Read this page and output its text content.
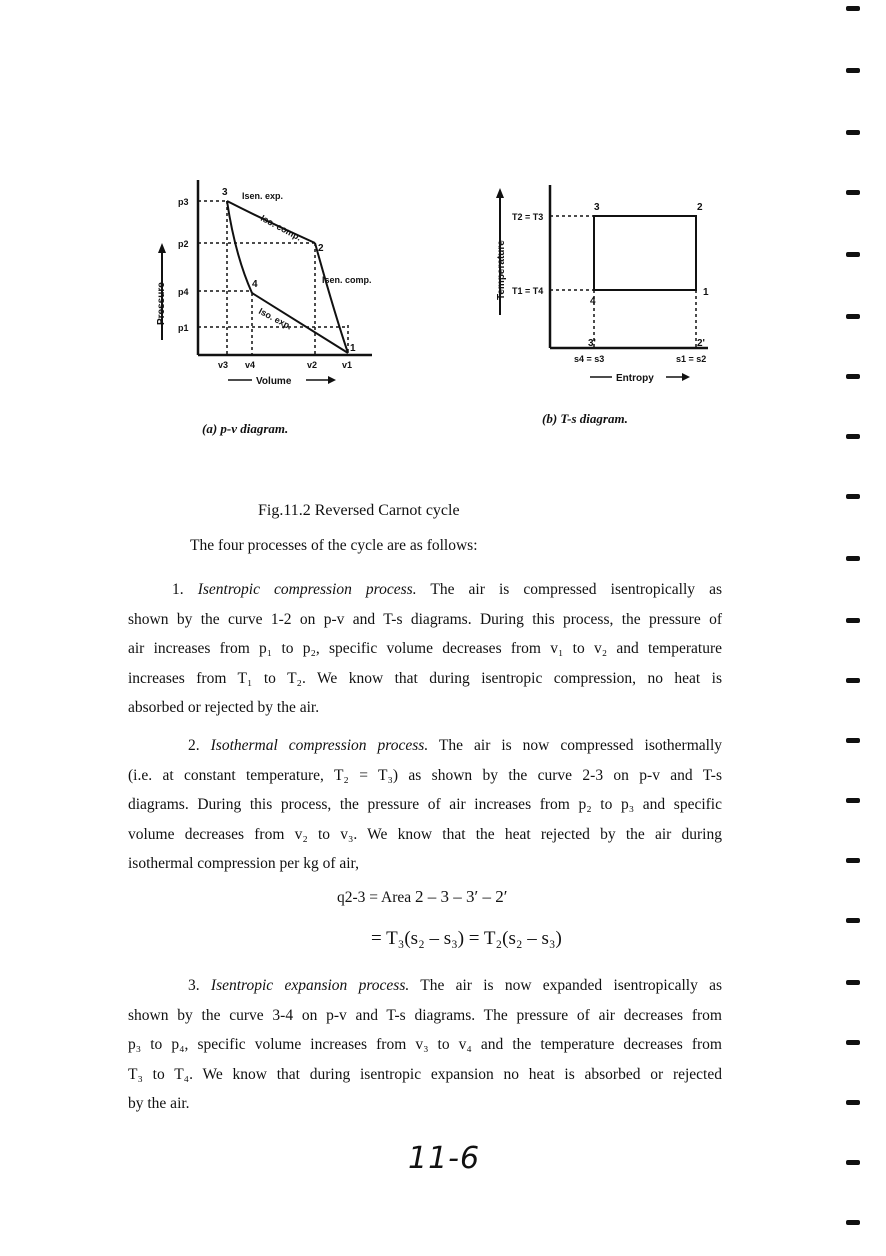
Pressure
p3
p2
p4
p1
v3 v4	v2	v1
Volume
3
2
4
1
Isen. exp.
Iso. comp.
Isen. comp.
Iso. exp.
(a) p-v diagram.
Temperature
T2 = T3
T1 = T4
3	2
4
1
3'	2'
s4 = s3	s1 = s2
Entropy
(b) T-s diagram.
Fig.11.2 Reversed Carnot cycle
The four processes of the cycle are as follows:
1. Isentropic compression process. The air is compressed isentropically as
shown by the curve 1-2 on p-v and T-s diagrams. During this process, the pressure of
air increases from p₁ to p₂, specific volume decreases from v₁ to v₂ and temperature
increases from T₁ to T₂. We know that during isentropic compression, no heat is
absorbed or rejected by the air.
2. Isothermal compression process. The air is now compressed isothermally
(i.e. at constant temperature, T₂ = T₃) as shown by the curve 2-3 on p-v and T-s
diagrams. During this process, the pressure of air increases from p₂ to p₃ and specific
volume decreases from v₂ to v₃. We know that the heat rejected by the air during
isothermal compression per kg of air,
q2-3 = Area 2 – 3 – 3′ – 2′
= T₃(s₂ – s₃) = T₂(s₂ – s₃)
3. Isentropic expansion process. The air is now expanded isentropically as
shown by the curve 3-4 on p-v and T-s diagrams. The pressure of air decreases from
p₃ to p₄, specific volume increases from v₃ to v₄ and the temperature decreases from
T₃ to T₄. We know that during isentropic expansion no heat is absorbed or rejected
by the air.
11-6
